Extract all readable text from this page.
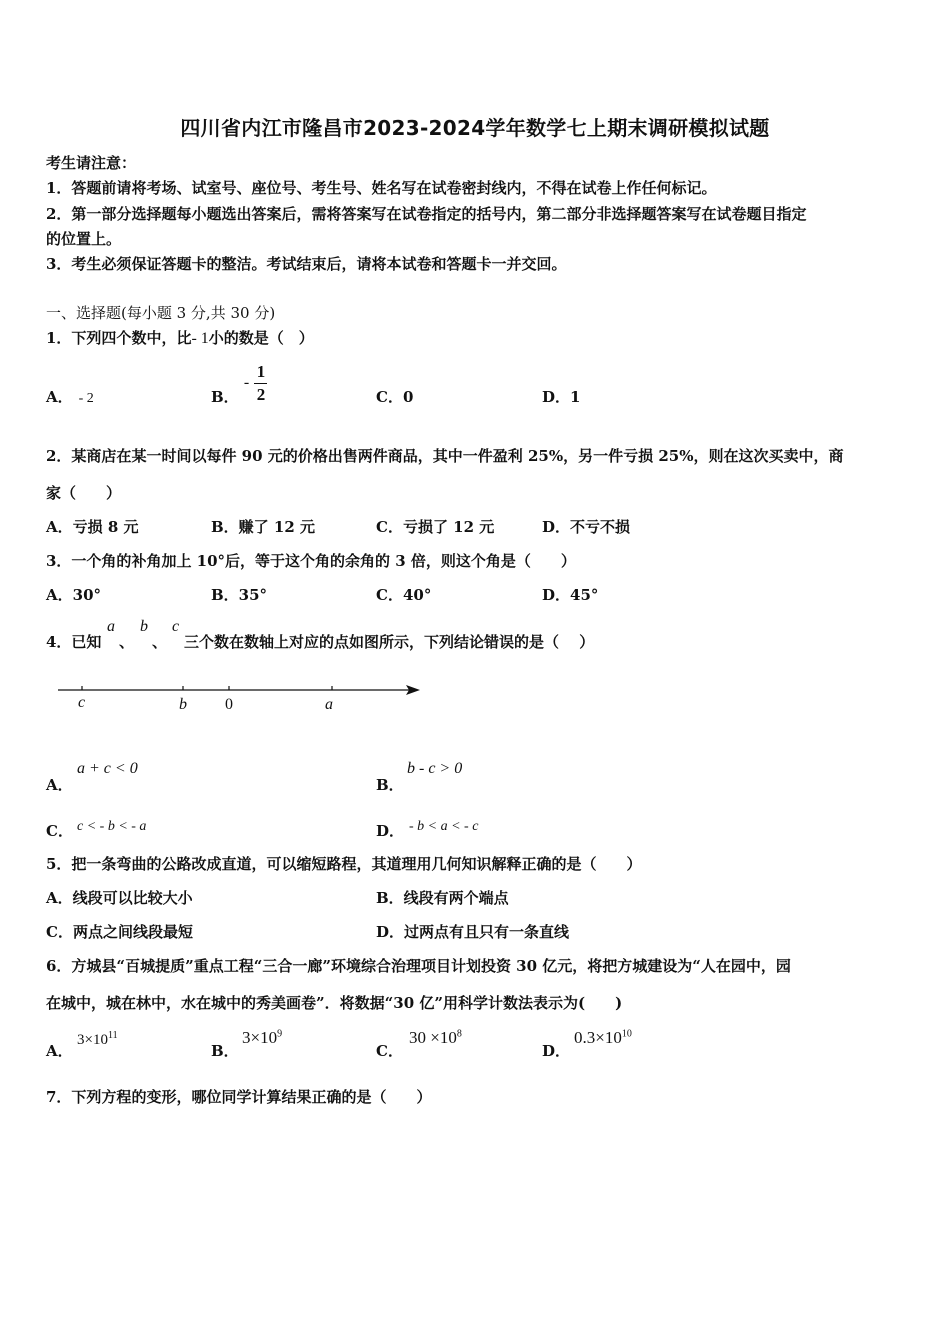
四川省内江市隆昌市2023-2024学年数学七上期末调研模拟试题
考生请注意：
1．答题前请将考场、试室号、座位号、考生号、姓名写在试卷密封线内，不得在试卷上作任何标记。
2．第一部分选择题每小题选出答案后，需将答案写在试卷指定的括号内，第二部分非选择题答案写在试卷题目指定
的位置上。
3．考生必须保证答题卡的整洁。考试结束后，请将本试卷和答题卡一并交回。
一、选择题(每小题 3 分,共 30 分)
1．下列四个数中，比- 1小的数是（　）
A． - 2	B． - $\frac{1}{2}$	C．0	D．1
2．某商店在某一时间以每件 90 元的价格出售两件商品，其中一件盈利 25%，另一件亏损 25%，则在这次买卖中，商
家（　　）
A．亏损 8 元	B．赚了 12 元	C．亏损了 12 元	D．不亏不损
3．一个角的补角加上 10°后，等于这个角的余角的 3 倍，则这个角是（　　）
A．30°	B．35°	C．40°	D．45°
4．已知
a
、
b
、
c
三个数在数轴上对应的点如图所示，下列结论错误的是（　 ）
c	b 0	a
A．
a + c < 0
B．
b - c > 0
C． c < - b < - a	D． - b < a < - c
5．把一条弯曲的公路改成直道，可以缩短路程，其道理用几何知识解释正确的是（　　）
A．线段可以比较大小	B．线段有两个端点
C．两点之间线段最短	D．过两点有且只有一条直线
6．方城县“百城提质”重点工程“三合一廊”环境综合治理项目计划投资 30 亿元，将把方城建设为“人在园中，园
在城中，城在林中，水在城中的秀美画卷”．将数据“30 亿”用科学计数法表示为(　　)
A．
$3\times 10^{11}$
B．
$3\times 10^9$
C．
$30 \times 10^8$
D．
$0.3\times 10^{10}$
7．下列方程的变形，哪位同学计算结果正确的是（　　）
